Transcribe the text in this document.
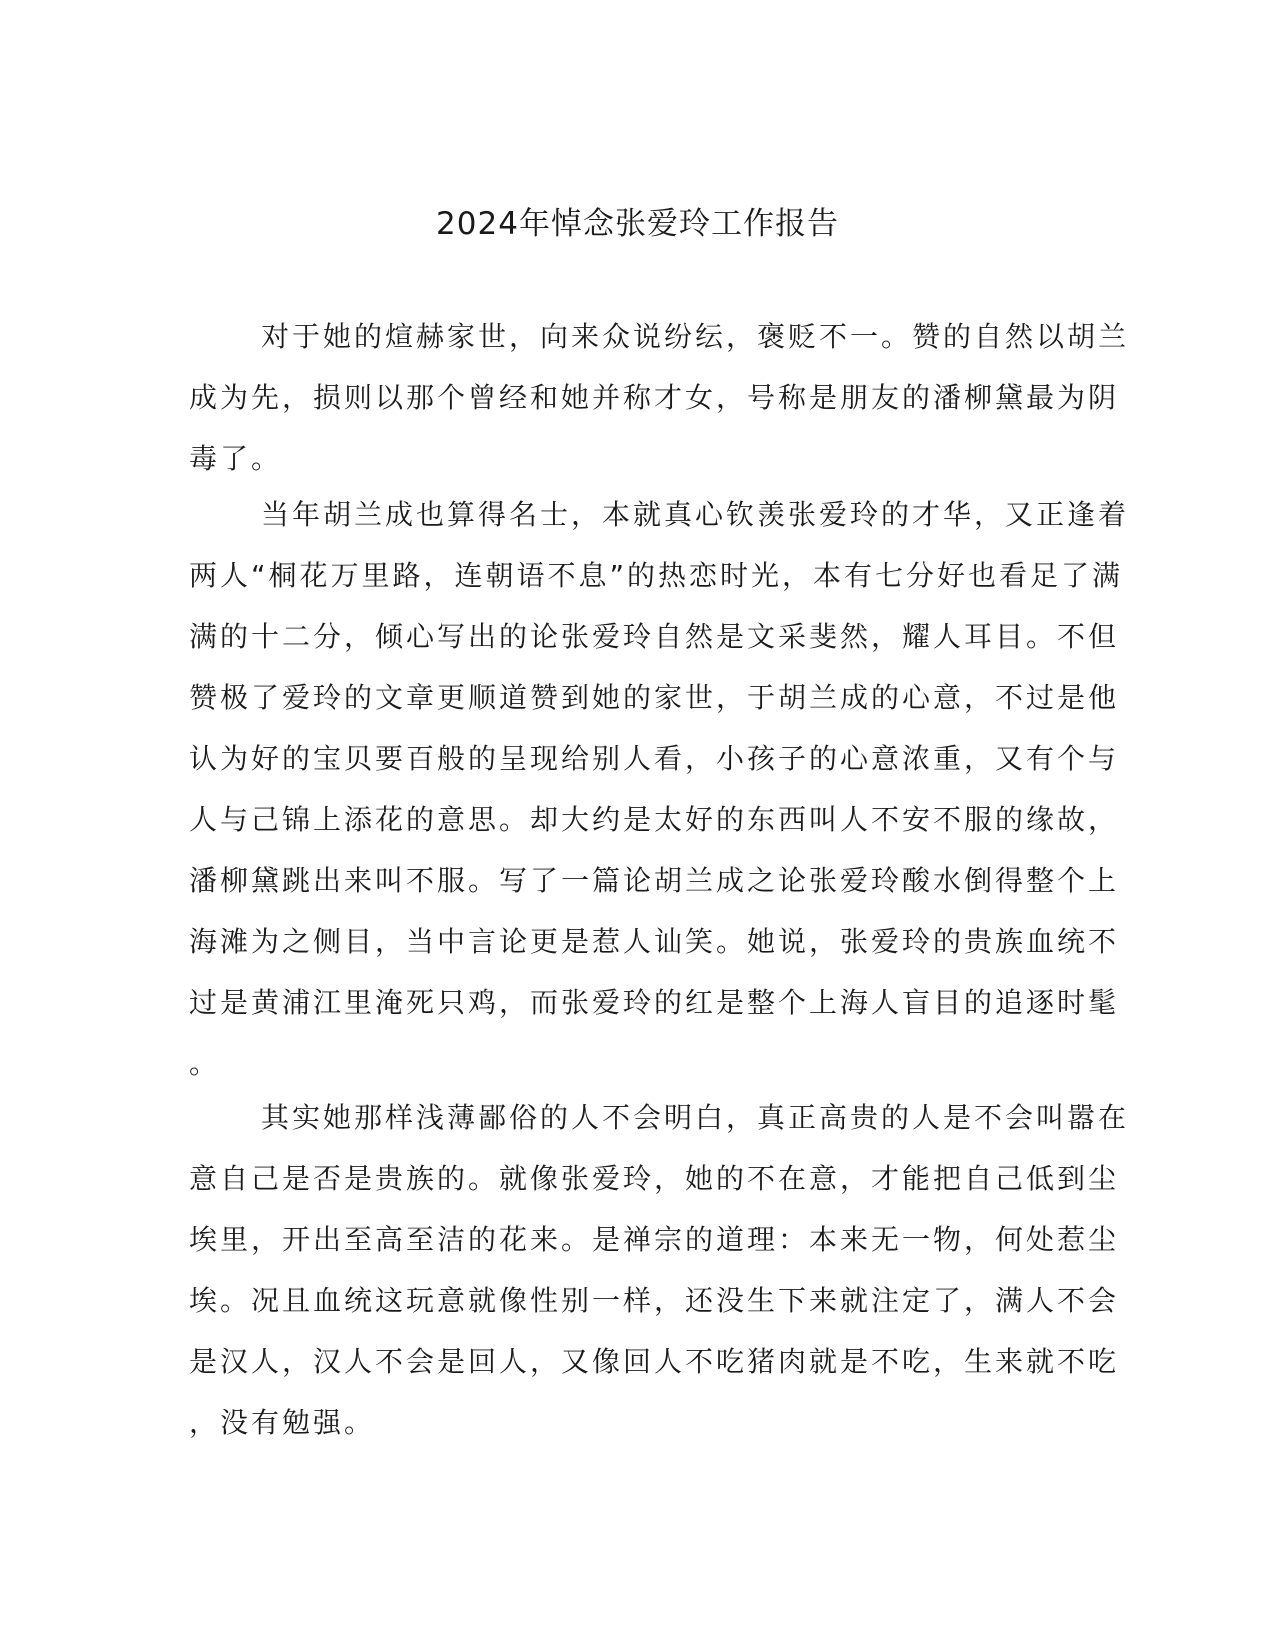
2024年悼念张爱玲工作报告
对于她的煊赫家世，向来众说纷纭，褒贬不一。赞的自然以胡兰
成为先，损则以那个曾经和她并称才女，号称是朋友的潘柳黛最为阴
毒了。
当年胡兰成也算得名士，本就真心钦羡张爱玲的才华，又正逢着
两人“桐花万里路，连朝语不息”的热恋时光，本有七分好也看足了满
满的十二分，倾心写出的论张爱玲自然是文采斐然，耀人耳目。不但
赞极了爱玲的文章更顺道赞到她的家世，于胡兰成的心意，不过是他
认为好的宝贝要百般的呈现给别人看，小孩子的心意浓重，又有个与
人与己锦上添花的意思。却大约是太好的东西叫人不安不服的缘故，
潘柳黛跳出来叫不服。写了一篇论胡兰成之论张爱玲酸水倒得整个上
海滩为之侧目，当中言论更是惹人讪笑。她说，张爱玲的贵族血统不
过是黄浦江里淹死只鸡，而张爱玲的红是整个上海人盲目的追逐时髦
。
其实她那样浅薄鄙俗的人不会明白，真正高贵的人是不会叫嚣在
意自己是否是贵族的。就像张爱玲，她的不在意，才能把自己低到尘
埃里，开出至高至洁的花来。是禅宗的道理：本来无一物，何处惹尘
埃。况且血统这玩意就像性别一样，还没生下来就注定了，满人不会
是汉人，汉人不会是回人，又像回人不吃猪肉就是不吃，生来就不吃
，没有勉强。
